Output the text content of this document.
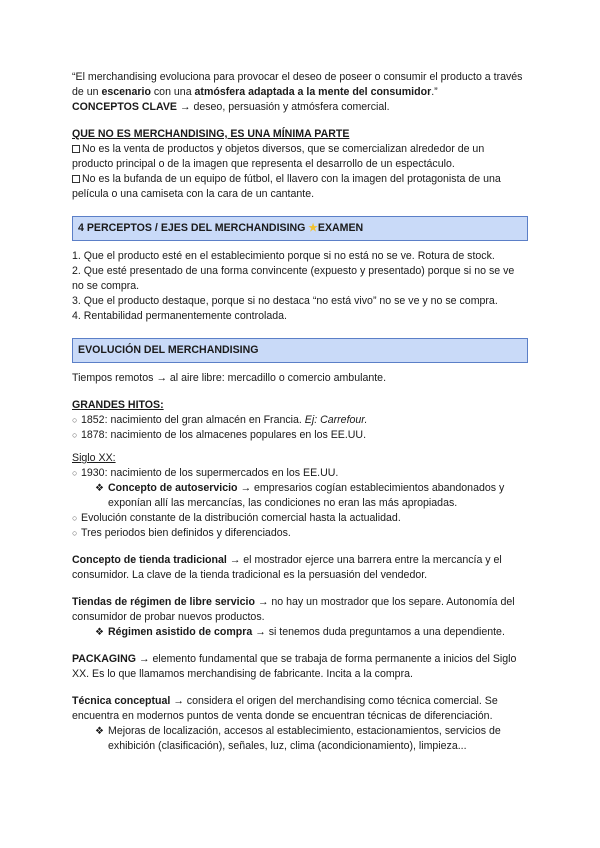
“El merchandising evoluciona para provocar el deseo de poseer o consumir el producto a través de un escenario con una atmósfera adaptada a la mente del consumidor.”

CONCEPTOS CLAVE → deseo, persuasión y atmósfera comercial.

QUE NO ES MERCHANDISING, ES UNA MÍNIMA PARTE

No es la venta de productos y objetos diversos, que se comercializan alrededor de un producto principal o de la imagen que representa el desarrollo de un espectáculo.

No es la bufanda de un equipo de fútbol, el llavero con la imagen del protagonista de una película o una camiseta con la cara de un cantante.

4 PERCEPTOS / EJES DEL MERCHANDISING ★EXAMEN

1. Que el producto esté en el establecimiento porque si no está no se ve. Rotura de stock.

2. Que esté presentado de una forma convincente (expuesto y presentado) porque si no se ve no se compra.

3. Que el producto destaque, porque si no destaca “no está vivo” no se ve y no se compra.

4. Rentabilidad permanentemente controlada.

EVOLUCIÓN DEL MERCHANDISING

Tiempos remotos → al aire libre: mercadillo o comercio ambulante.

GRANDES HITOS:

○ 1852: nacimiento del gran almacén en Francia. Ej: Carrefour.

○ 1878: nacimiento de los almacenes populares en los EE.UU.

Siglo XX:

○ 1930: nacimiento de los supermercados en los EE.UU.

❖ Concepto de autoservicio → empresarios cogían establecimientos abandonados y exponían allí las mercancías, las condiciones no eran las más apropiadas.

○ Evolución constante de la distribución comercial hasta la actualidad.

○ Tres periodos bien definidos y diferenciados.

Concepto de tienda tradicional → el mostrador ejerce una barrera entre la mercancía y el consumidor. La clave de la tienda tradicional es la persuasión del vendedor.

Tiendas de régimen de libre servicio → no hay un mostrador que los separe. Autonomía del consumidor de probar nuevos productos.

❖ Régimen asistido de compra → si tenemos duda preguntamos a una dependiente.

PACKAGING → elemento fundamental que se trabaja de forma permanente a inicios del Siglo XX. Es lo que llamamos merchandising de fabricante. Incita a la compra.

Técnica conceptual → considera el origen del merchandising como técnica comercial. Se encuentra en modernos puntos de venta donde se encuentran técnicas de diferenciación.

❖ Mejoras de localización, accesos al establecimiento, estacionamientos, servicios de exhibición (clasificación), señales, luz, clima (acondicionamiento), limpieza...
